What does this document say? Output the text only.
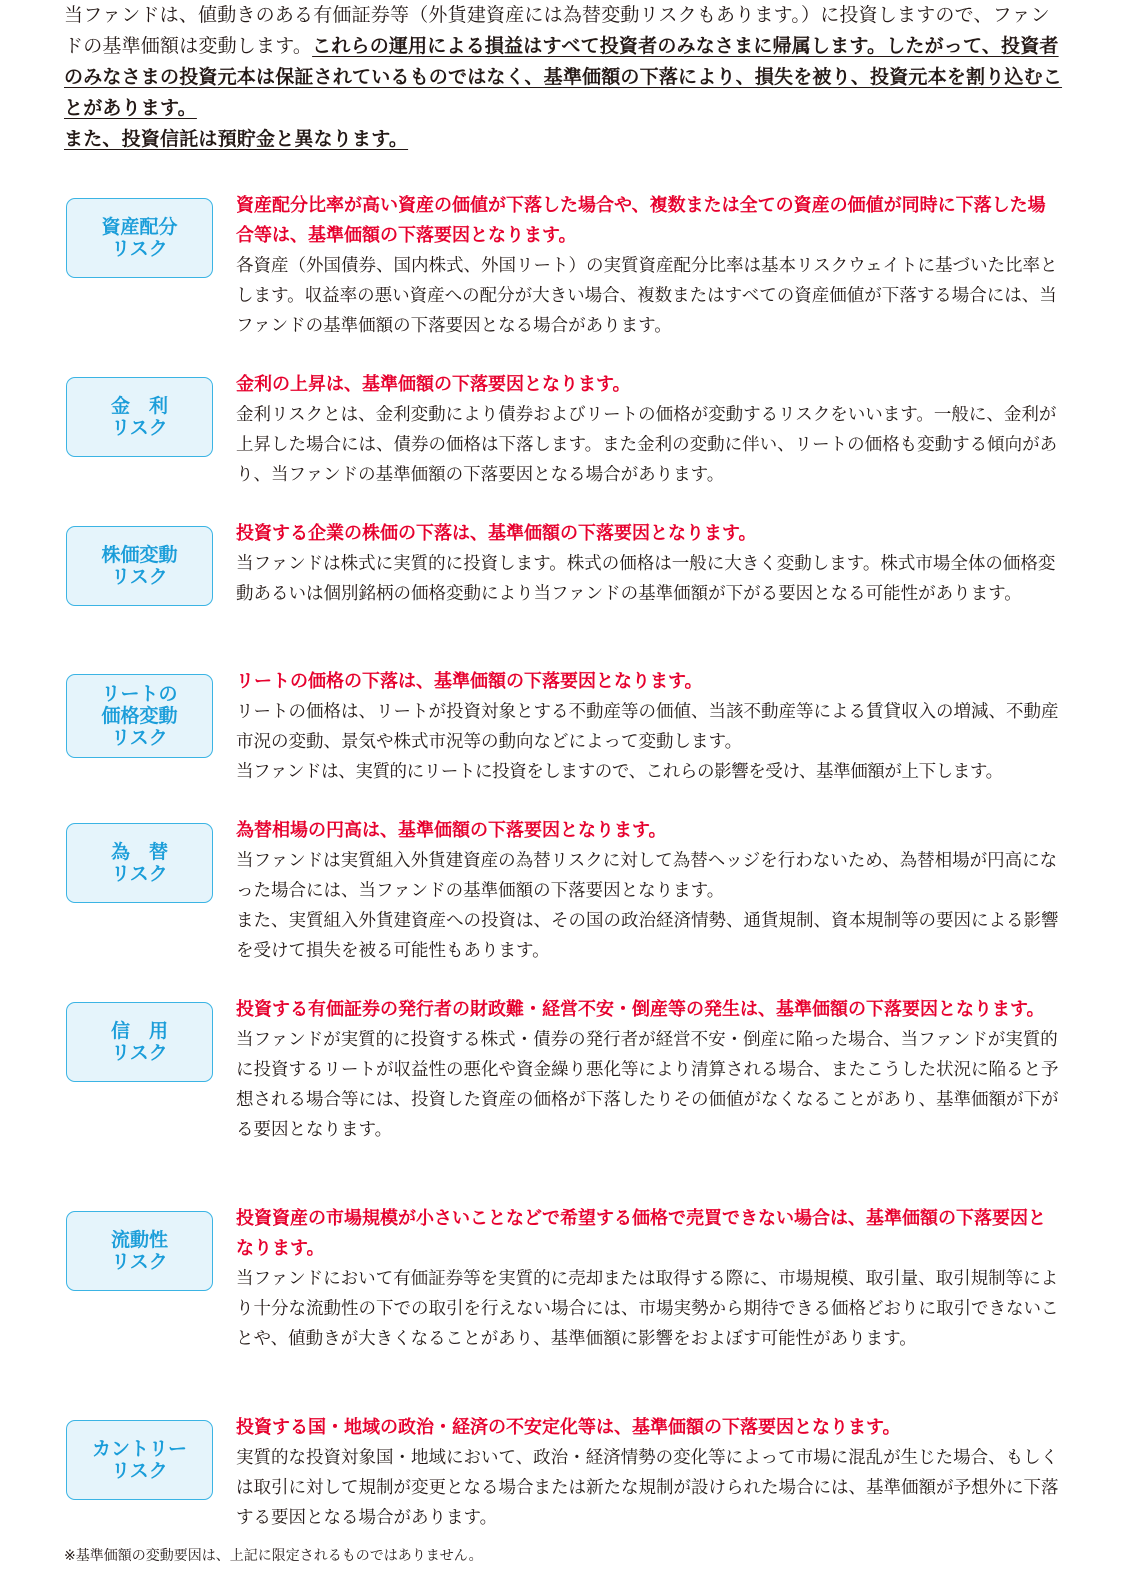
当ファンドは、値動きのある有価証券等（外貨建資産には為替変動リスクもあります。）に投資しますので、ファンドの基準価額は変動します。これらの運用による損益はすべて投資者のみなさまに帰属します。したがって、投資者のみなさまの投資元本は保証されているものではなく、基準価額の下落により、損失を被り、投資元本を割り込むことがあります。

また、投資信託は預貯金と異なります。

資産配分
リスク

資産配分比率が高い資産の価値が下落した場合や、複数または全ての資産の価値が同時に下落した場合等は、基準価額の下落要因となります。

各資産（外国債券、国内株式、外国リート）の実質資産配分比率は基本リスクウェイトに基づいた比率とします。収益率の悪い資産への配分が大きい場合、複数またはすべての資産価値が下落する場合には、当ファンドの基準価額の下落要因となる場合があります。

金　利
リスク

金利の上昇は、基準価額の下落要因となります。

金利リスクとは、金利変動により債券およびリートの価格が変動するリスクをいいます。一般に、金利が上昇した場合には、債券の価格は下落します。また金利の変動に伴い、リートの価格も変動する傾向があり、当ファンドの基準価額の下落要因となる場合があります。

株価変動
リスク

投資する企業の株価の下落は、基準価額の下落要因となります。

当ファンドは株式に実質的に投資します。株式の価格は一般に大きく変動します。株式市場全体の価格変動あるいは個別銘柄の価格変動により当ファンドの基準価額が下がる要因となる可能性があります。

リートの
価格変動
リスク

リートの価格の下落は、基準価額の下落要因となります。

リートの価格は、リートが投資対象とする不動産等の価値、当該不動産等による賃貸収入の増減、不動産市況の変動、景気や株式市況等の動向などによって変動します。

当ファンドは、実質的にリートに投資をしますので、これらの影響を受け、基準価額が上下します。

為　替
リスク

為替相場の円高は、基準価額の下落要因となります。

当ファンドは実質組入外貨建資産の為替リスクに対して為替ヘッジを行わないため、為替相場が円高になった場合には、当ファンドの基準価額の下落要因となります。

また、実質組入外貨建資産への投資は、その国の政治経済情勢、通貨規制、資本規制等の要因による影響を受けて損失を被る可能性もあります。

信　用
リスク

投資する有価証券の発行者の財政難・経営不安・倒産等の発生は、基準価額の下落要因となります。

当ファンドが実質的に投資する株式・債券の発行者が経営不安・倒産に陥った場合、当ファンドが実質的に投資するリートが収益性の悪化や資金繰り悪化等により清算される場合、またこうした状況に陥ると予想される場合等には、投資した資産の価格が下落したりその価値がなくなることがあり、基準価額が下がる要因となります。

流動性
リスク

投資資産の市場規模が小さいことなどで希望する価格で売買できない場合は、基準価額の下落要因となります。

当ファンドにおいて有価証券等を実質的に売却または取得する際に、市場規模、取引量、取引規制等により十分な流動性の下での取引を行えない場合には、市場実勢から期待できる価格どおりに取引できないことや、値動きが大きくなることがあり、基準価額に影響をおよぼす可能性があります。

カントリー
リスク

投資する国・地域の政治・経済の不安定化等は、基準価額の下落要因となります。

実質的な投資対象国・地域において、政治・経済情勢の変化等によって市場に混乱が生じた場合、もしくは取引に対して規制が変更となる場合または新たな規制が設けられた場合には、基準価額が予想外に下落する要因となる場合があります。

※基準価額の変動要因は、上記に限定されるものではありません。
